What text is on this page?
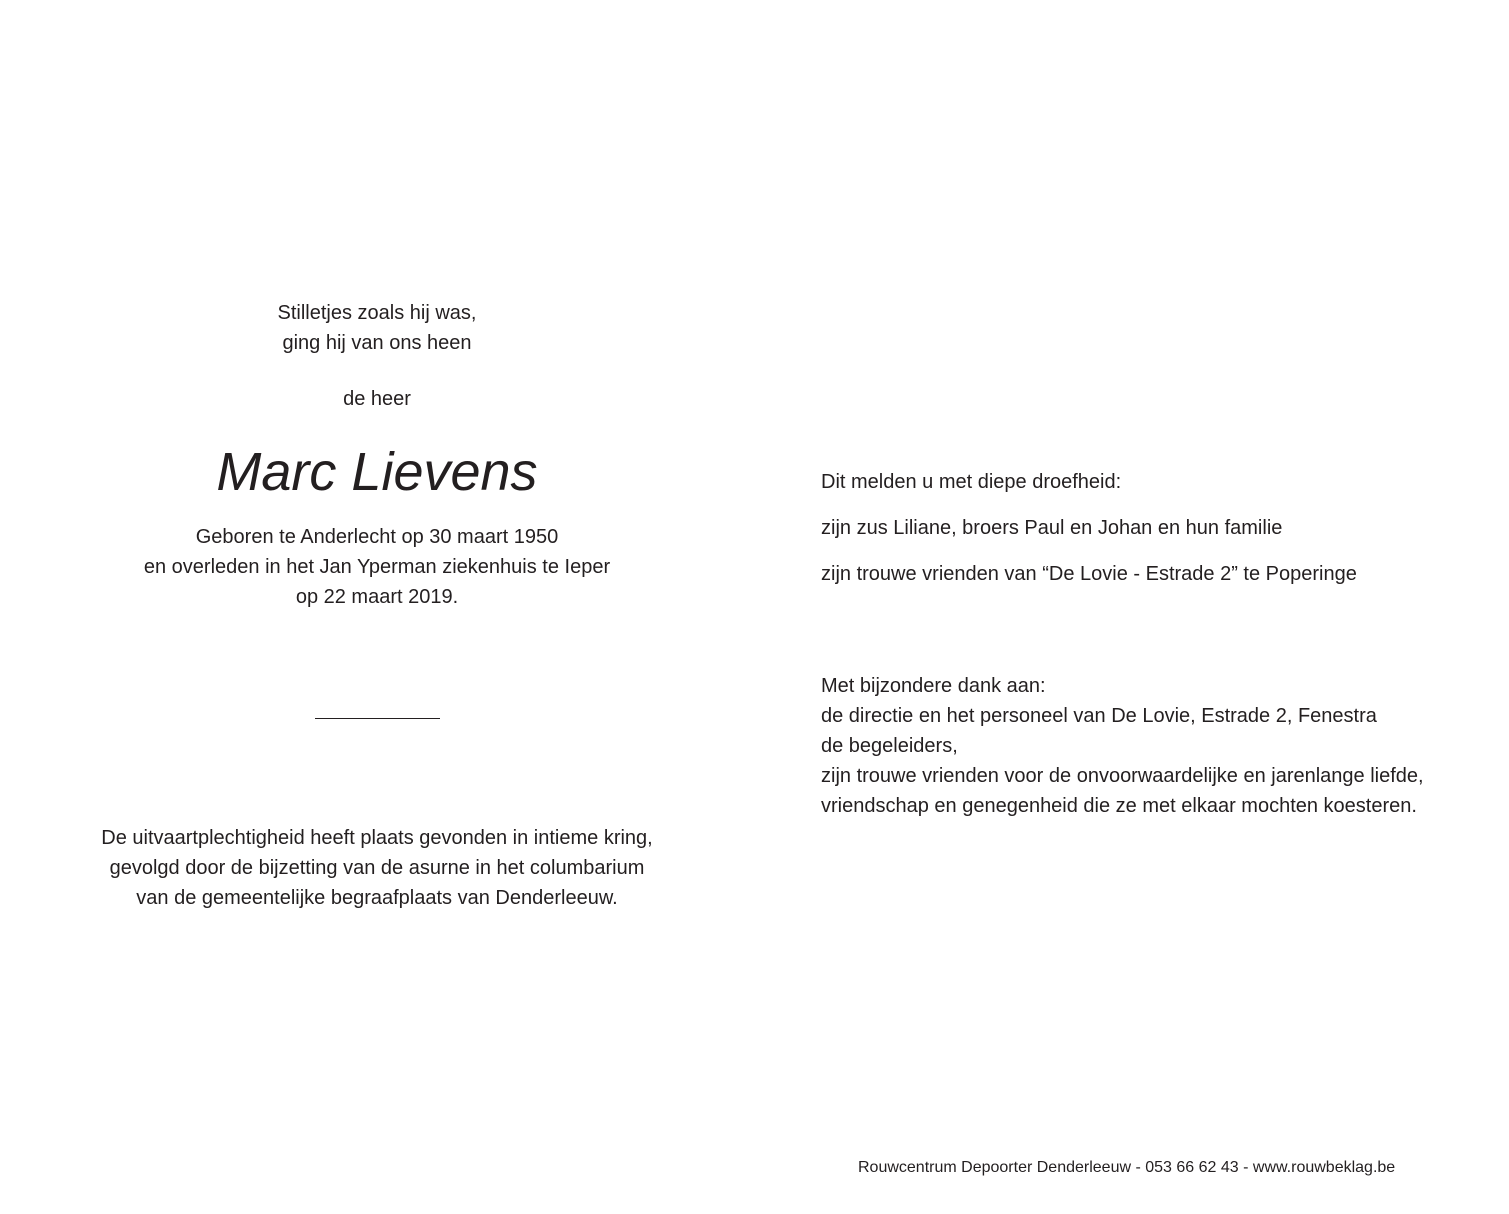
Stilletjes zoals hij was,
ging hij van ons heen
de heer
Marc Lievens
Geboren te Anderlecht op 30 maart 1950
en overleden in het Jan Yperman ziekenhuis te Ieper
op 22 maart 2019.
De uitvaartplechtigheid heeft plaats gevonden in intieme kring,
gevolgd door de bijzetting van de asurne in het columbarium
van de gemeentelijke begraafplaats van Denderleeuw.
Dit melden u met diepe droefheid:
zijn zus Liliane, broers Paul en Johan en hun familie
zijn trouwe vrienden van “De Lovie - Estrade 2” te Poperinge
Met bijzondere dank aan:
de directie en het personeel van De Lovie, Estrade 2, Fenestra
de begeleiders,
zijn trouwe vrienden voor de onvoorwaardelijke en jarenlange liefde,
vriendschap en genegenheid die ze met elkaar mochten koesteren.
Rouwcentrum Depoorter Denderleeuw - 053 66 62 43 - www.rouwbeklag.be
